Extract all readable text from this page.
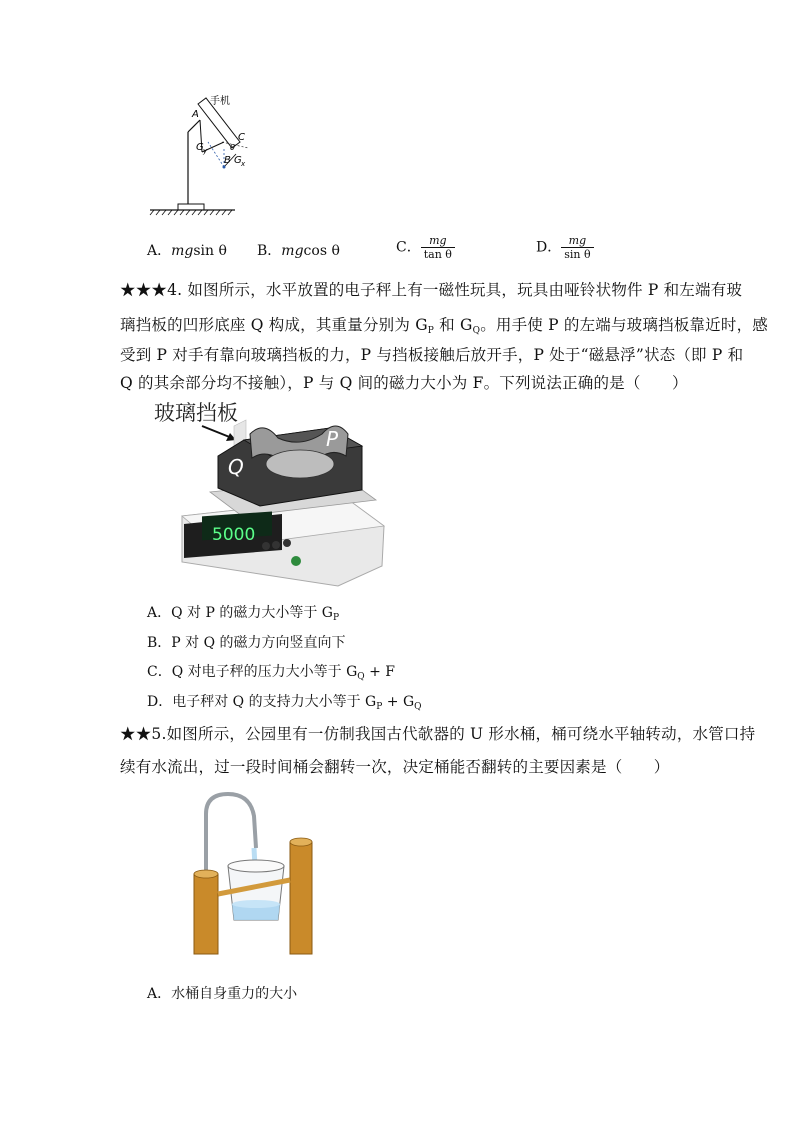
手机
A
B
C
θ
G y
G x
A．mgsin θ B．mgcos θ	C． $\frac{mg}{\text{tan θ}}$	D． $\frac{mg}{\text{sin θ}}$
★★★4. 如图所示，水平放置的电子秤上有一磁性玩具，玩具由哑铃状物件 P 和左端有玻
璃挡板的凹形底座 Q 构成，其重量分别为 $G_P$ 和 $G_Q$。用手使 P 的左端与玻璃挡板靠近时，感
受到 P 对手有靠向玻璃挡板的力，P 与挡板接触后放开手，P 处于“磁悬浮”状态（即 P 和
Q 的其余部分均不接触），P 与 Q 间的磁力大小为 F。下列说法正确的是（　　）
玻璃挡板
P
Q
5000
A．Q 对 P 的磁力大小等于 $G_P$
B．P 对 Q 的磁力方向竖直向下
C．Q 对电子秤的压力大小等于 $G_Q + F$
D．电子秤对 Q 的支持力大小等于 $G_P + G_Q$
★★5.如图所示，公园里有一仿制我国古代欹器的 U 形水桶，桶可绕水平轴转动，水管口持
续有水流出，过一段时间桶会翻转一次，决定桶能否翻转的主要因素是（　　）
A．水桶自身重力的大小
